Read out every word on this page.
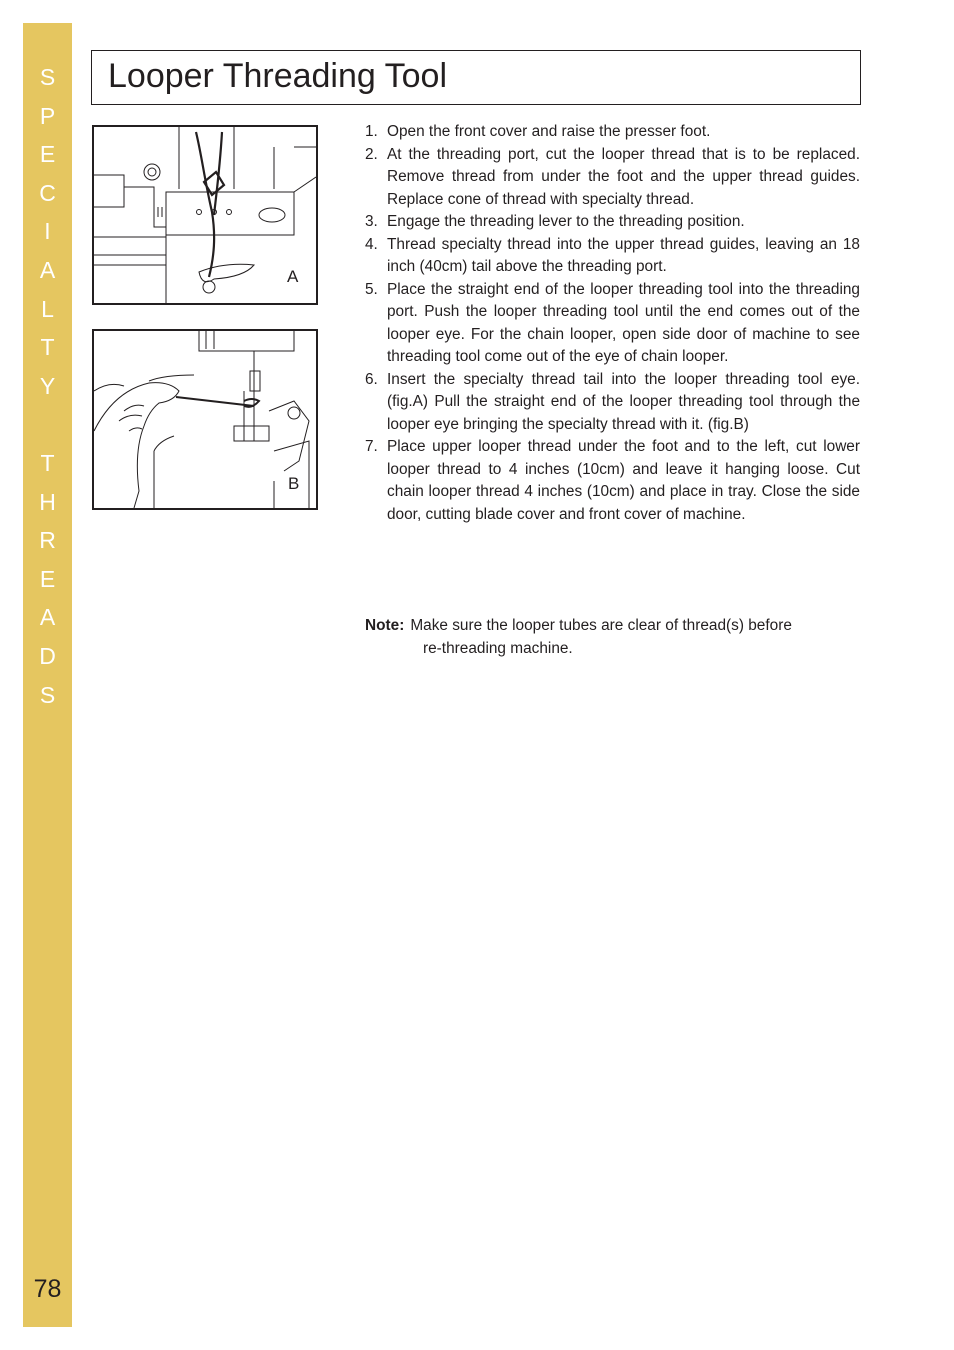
S
P
E
C
I
A
L
T
Y
T
H
R
E
A
D
S
78
Looper Threading Tool
A
B
1. Open the front cover and raise the presser foot.
2. At the threading port, cut the looper thread that is to be replaced. Remove thread from under the foot and the upper thread guides. Replace cone of thread with specialty thread.
3. Engage the threading lever to the threading position.
4. Thread specialty thread into the upper thread guides, leaving an 18 inch (40cm) tail above the threading port.
5. Place the straight end of the looper threading tool into the threading port. Push the looper threading tool until the end comes out of the looper eye. For the chain looper, open side door of machine to see threading tool come out of the eye of chain looper.
6. Insert the specialty thread tail into the looper threading tool eye. (fig.A) Pull the straight end of the looper threading tool through the looper eye bringing the specialty thread with it. (fig.B)
7. Place upper looper thread under the foot and to the left, cut lower looper thread to 4 inches (10cm) and leave it hanging loose. Cut chain looper thread 4 inches (10cm) and place in tray. Close the side door, cutting blade cover and front cover of machine.
Note: Make sure the looper tubes are clear of thread(s) before
re-threading machine.
